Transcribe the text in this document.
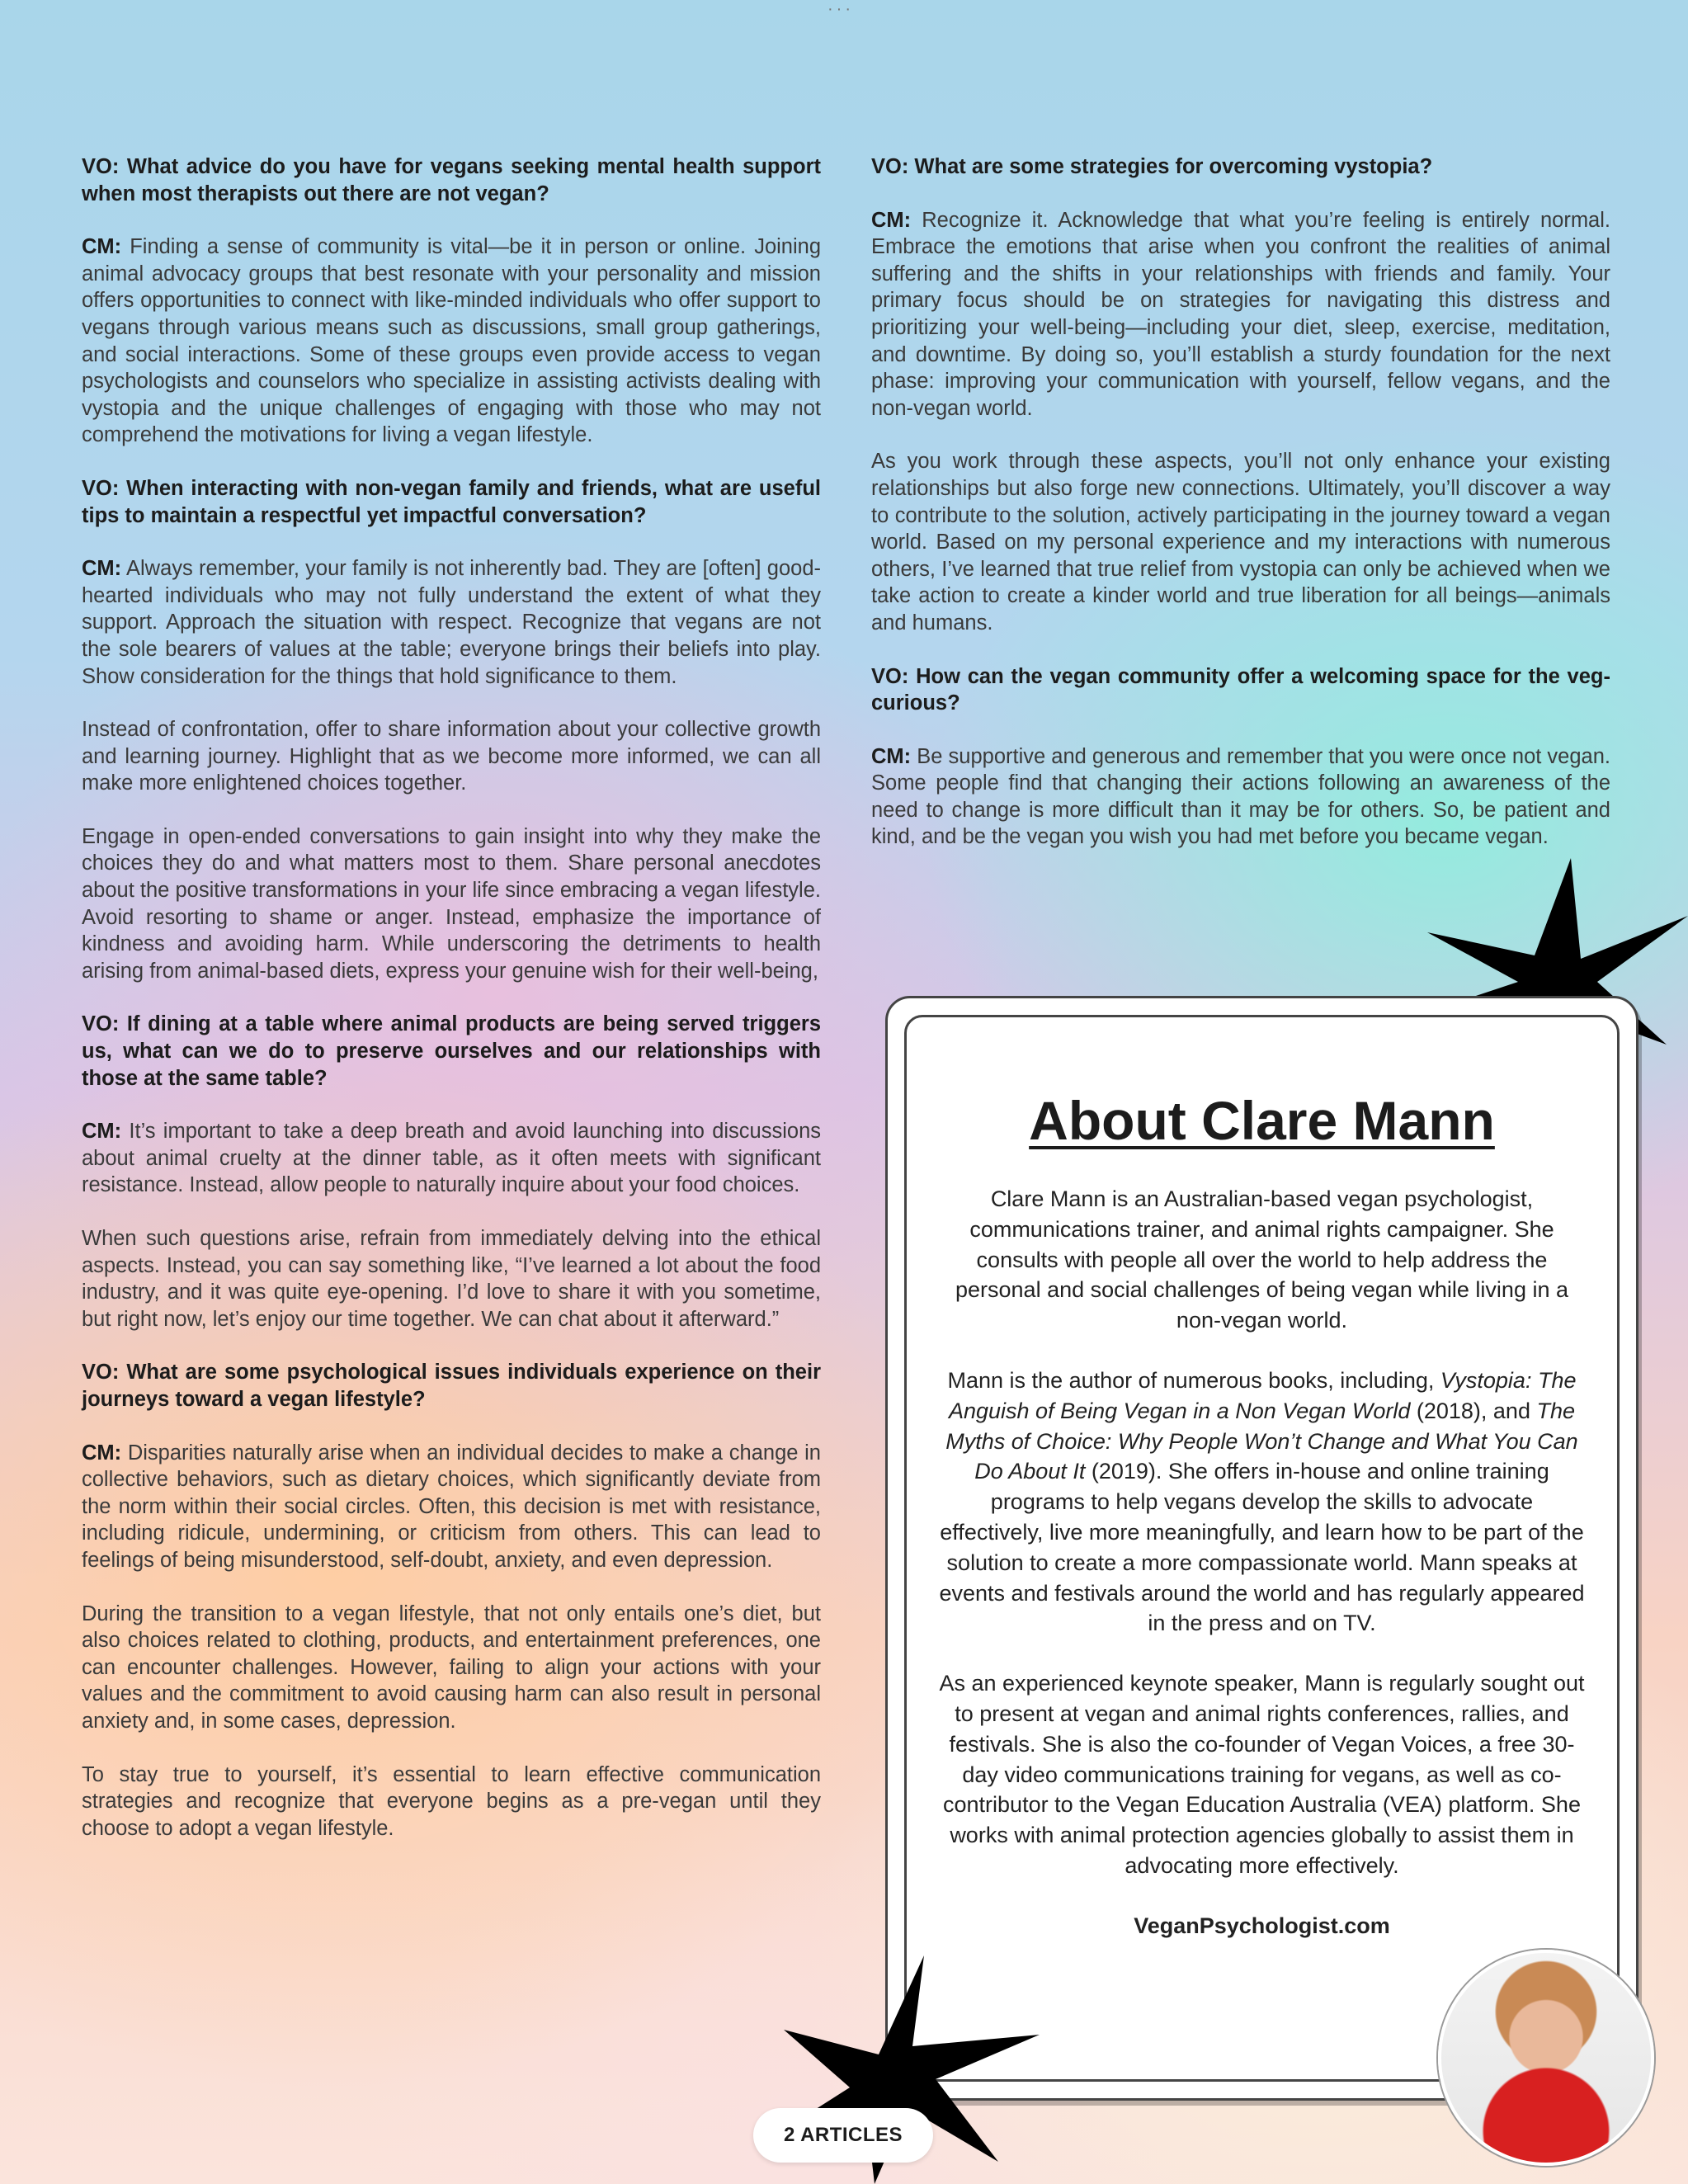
···
VO: What advice do you have for vegans seeking mental health support when most therapists out there are not vegan?
CM: Finding a sense of community is vital—be it in person or online. Joining animal advocacy groups that best resonate with your personality and mission offers opportunities to connect with like-minded individuals who offer support to vegans through various means such as discussions, small group gatherings, and social interactions. Some of these groups even provide access to vegan psychologists and counselors who specialize in assisting activists dealing with vystopia and the unique challenges of engaging with those who may not comprehend the motivations for living a vegan lifestyle.
VO: When interacting with non-vegan family and friends, what are useful tips to maintain a respectful yet impactful conversation?
CM: Always remember, your family is not inherently bad. They are [often] good-hearted individuals who may not fully understand the extent of what they support. Approach the situation with respect. Recognize that vegans are not the sole bearers of values at the table; everyone brings their beliefs into play. Show consideration for the things that hold significance to them.
Instead of confrontation, offer to share information about your collective growth and learning journey. Highlight that as we become more informed, we can all make more enlightened choices together.
Engage in open-ended conversations to gain insight into why they make the choices they do and what matters most to them. Share personal anecdotes about the positive transformations in your life since embracing a vegan lifestyle. Avoid resorting to shame or anger. Instead, emphasize the importance of kindness and avoiding harm. While underscoring the detriments to health arising from animal-based diets, express your genuine wish for their well-being,
VO: If dining at a table where animal products are being served triggers us, what can we do to preserve ourselves and our relationships with those at the same table?
CM: It’s important to take a deep breath and avoid launching into discussions about animal cruelty at the dinner table, as it often meets with significant resistance. Instead, allow people to naturally inquire about your food choices.
When such questions arise, refrain from immediately delving into the ethical aspects. Instead, you can say something like, “I’ve learned a lot about the food industry, and it was quite eye-opening. I’d love to share it with you sometime, but right now, let’s enjoy our time together. We can chat about it afterward.”
VO: What are some psychological issues individuals experience on their journeys toward a vegan lifestyle?
CM: Disparities naturally arise when an individual decides to make a change in collective behaviors, such as dietary choices, which significantly deviate from the norm within their social circles. Often, this decision is met with resistance, including ridicule, undermining, or criticism from others. This can lead to feelings of being misunderstood, self-doubt, anxiety, and even depression.
During the transition to a vegan lifestyle, that not only entails one’s diet, but also choices related to clothing, products, and entertainment preferences, one can encounter challenges. However, failing to align your actions with your values and the commitment to avoid causing harm can also result in personal anxiety and, in some cases, depression.
To stay true to yourself, it’s essential to learn effective communication strategies and recognize that everyone begins as a pre-vegan until they choose to adopt a vegan lifestyle.
VO: What are some strategies for overcoming vystopia?
CM: Recognize it. Acknowledge that what you’re feeling is entirely normal. Embrace the emotions that arise when you confront the realities of animal suffering and the shifts in your relationships with friends and family. Your primary focus should be on strategies for navigating this distress and prioritizing your well-being—including your diet, sleep, exercise, meditation, and downtime. By doing so, you’ll establish a sturdy foundation for the next phase: improving your communication with yourself, fellow vegans, and the non-vegan world.
As you work through these aspects, you’ll not only enhance your existing relationships but also forge new connections. Ultimately, you’ll discover a way to contribute to the solution, actively participating in the journey toward a vegan world. Based on my personal experience and my interactions with numerous others, I’ve learned that true relief from vystopia can only be achieved when we take action to create a kinder world and true liberation for all beings—animals and humans.
VO: How can the vegan community offer a welcoming space for the veg-curious?
CM: Be supportive and generous and remember that you were once not vegan. Some people find that changing their actions following an awareness of the need to change is more difficult than it may be for others. So, be patient and kind, and be the vegan you wish you had met before you became vegan.
About Clare Mann
Clare Mann is an Australian-based vegan psychologist, communications trainer, and animal rights campaigner. She consults with people all over the world to help address the personal and social challenges of being vegan while living in a non-vegan world.
Mann is the author of numerous books, including, Vystopia: The Anguish of Being Vegan in a Non Vegan World (2018), and The Myths of Choice: Why People Won’t Change and What You Can Do About It (2019). She offers in-house and online training programs to help vegans develop the skills to advocate effectively, live more meaningfully, and learn how to be part of the solution to create a more compassionate world. Mann speaks at events and festivals around the world and has regularly appeared in the press and on TV.
As an experienced keynote speaker, Mann is regularly sought out to present at vegan and animal rights conferences, rallies, and festivals. She is also the co-founder of Vegan Voices, a free 30-day video communications training for vegans, as well as co-contributor to the Vegan Education Australia (VEA) platform. She works with animal protection agencies globally to assist them in advocating more effectively.
VeganPsychologist.com
2 ARTICLES
